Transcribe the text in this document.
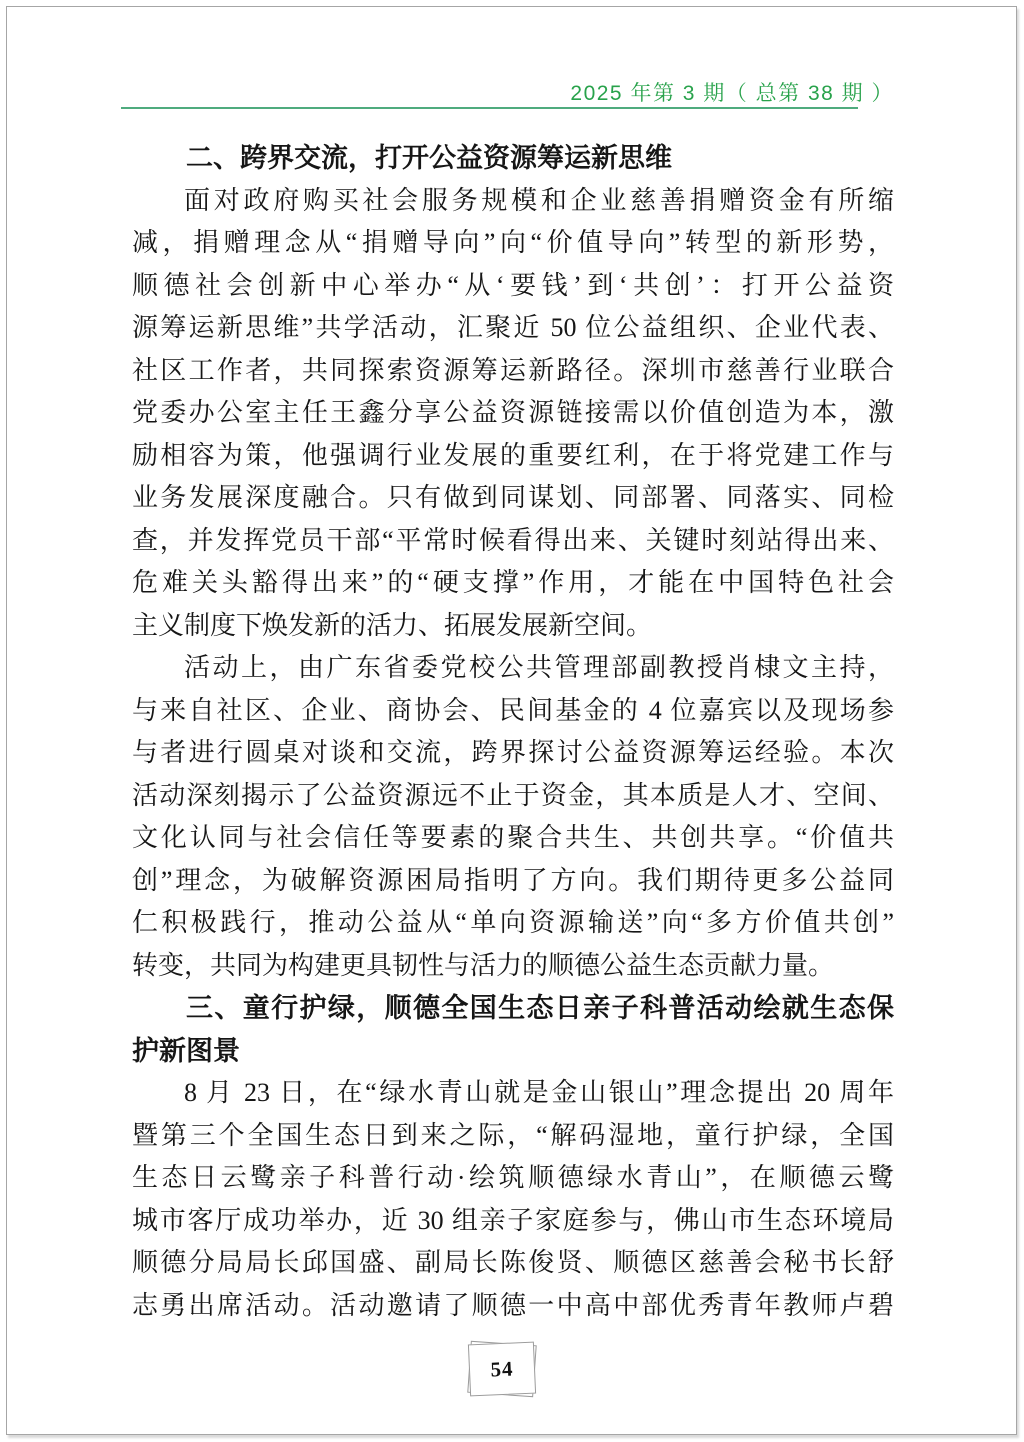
2025 年第 3 期（ 总第 38 期 ）
二、跨界交流，打开公益资源筹运新思维
面对政府购买社会服务规模和企业慈善捐赠资金有所缩
减，捐赠理念从“捐赠导向”向“价值导向”转型的新形势，
顺德社会创新中心举办“从‘要钱’到‘共创’：打开公益资
源筹运新思维”共学活动，汇聚近 50 位公益组织、企业代表、
社区工作者，共同探索资源筹运新路径。深圳市慈善行业联合
党委办公室主任王鑫分享公益资源链接需以价值创造为本，激
励相容为策，他强调行业发展的重要红利，在于将党建工作与
业务发展深度融合。只有做到同谋划、同部署、同落实、同检
查，并发挥党员干部“平常时候看得出来、关键时刻站得出来、
危难关头豁得出来”的“硬支撑”作用，才能在中国特色社会
主义制度下焕发新的活力、拓展发展新空间。
活动上，由广东省委党校公共管理部副教授肖棣文主持，
与来自社区、企业、商协会、民间基金的 4 位嘉宾以及现场参
与者进行圆桌对谈和交流，跨界探讨公益资源筹运经验。本次
活动深刻揭示了公益资源远不止于资金，其本质是人才、空间、
文化认同与社会信任等要素的聚合共生、共创共享。“价值共
创”理念，为破解资源困局指明了方向。我们期待更多公益同
仁积极践行，推动公益从“单向资源输送”向“多方价值共创”
转变，共同为构建更具韧性与活力的顺德公益生态贡献力量。
三、童行护绿，顺德全国生态日亲子科普活动绘就生态保
护新图景
8 月 23 日，在“绿水青山就是金山银山”理念提出 20 周年
暨第三个全国生态日到来之际，“解码湿地，童行护绿，全国
生态日云鹭亲子科普行动·绘筑顺德绿水青山”，在顺德云鹭
城市客厅成功举办，近 30 组亲子家庭参与，佛山市生态环境局
顺德分局局长邱国盛、副局长陈俊贤、顺德区慈善会秘书长舒
志勇出席活动。活动邀请了顺德一中高中部优秀青年教师卢碧
54
